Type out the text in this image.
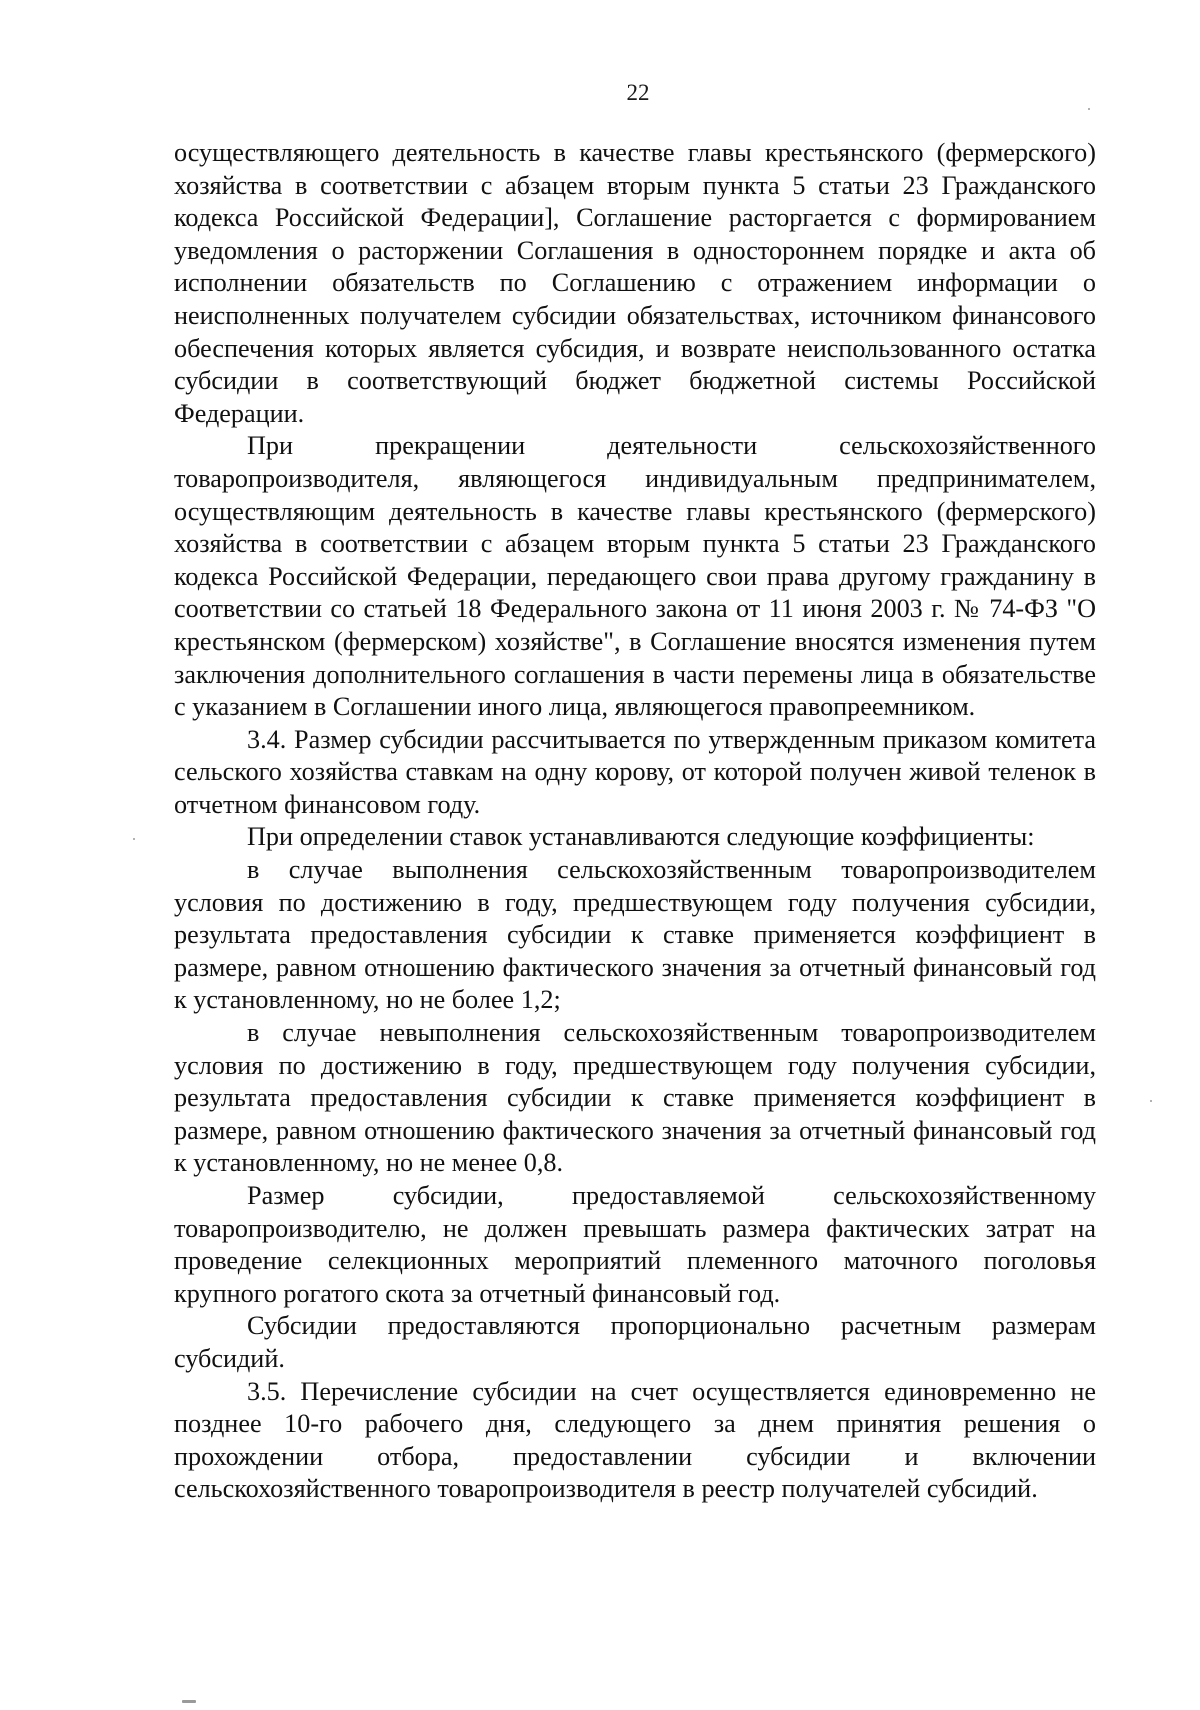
22

осуществляющего деятельность в качестве главы крестьянского (фермерского) хозяйства в соответствии с абзацем вторым пункта 5 статьи 23 Гражданского кодекса Российской Федерации], Соглашение расторгается с формированием уведомления о расторжении Соглашения в одностороннем порядке и акта об исполнении обязательств по Соглашению с отражением информации о неисполненных получателем субсидии обязательствах, источником финансового обеспечения которых является субсидия, и возврате неиспользованного остатка субсидии в соответствующий бюджет бюджетной системы Российской Федерации.

При прекращении деятельности сельскохозяйственного товаропроизводителя, являющегося индивидуальным предпринимателем, осуществляющим деятельность в качестве главы крестьянского (фермерского) хозяйства в соответствии с абзацем вторым пункта 5 статьи 23 Гражданского кодекса Российской Федерации, передающего свои права другому гражданину в соответствии со статьей 18 Федерального закона от 11 июня 2003 г. № 74-ФЗ "О крестьянском (фермерском) хозяйстве", в Соглашение вносятся изменения путем заключения дополнительного соглашения в части перемены лица в обязательстве с указанием в Соглашении иного лица, являющегося правопреемником.

3.4. Размер субсидии рассчитывается по утвержденным приказом комитета сельского хозяйства ставкам на одну корову, от которой получен живой теленок в отчетном финансовом году.

При определении ставок устанавливаются следующие коэффициенты:

в случае выполнения сельскохозяйственным товаропроизводителем условия по достижению в году, предшествующем году получения субсидии, результата предоставления субсидии к ставке применяется коэффициент в размере, равном отношению фактического значения за отчетный финансовый год к установленному, но не более 1,2;

в случае невыполнения сельскохозяйственным товаропроизводителем условия по достижению в году, предшествующем году получения субсидии, результата предоставления субсидии к ставке применяется коэффициент в размере, равном отношению фактического значения за отчетный финансовый год к установленному, но не менее 0,8.

Размер субсидии, предоставляемой сельскохозяйственному товаропроизводителю, не должен превышать размера фактических затрат на проведение селекционных мероприятий племенного маточного поголовья крупного рогатого скота за отчетный финансовый год.

Субсидии предоставляются пропорционально расчетным размерам субсидий.

3.5. Перечисление субсидии на счет осуществляется единовременно не позднее 10-го рабочего дня, следующего за днем принятия решения о прохождении отбора, предоставлении субсидии и включении сельскохозяйственного товаропроизводителя в реестр получателей субсидий.
